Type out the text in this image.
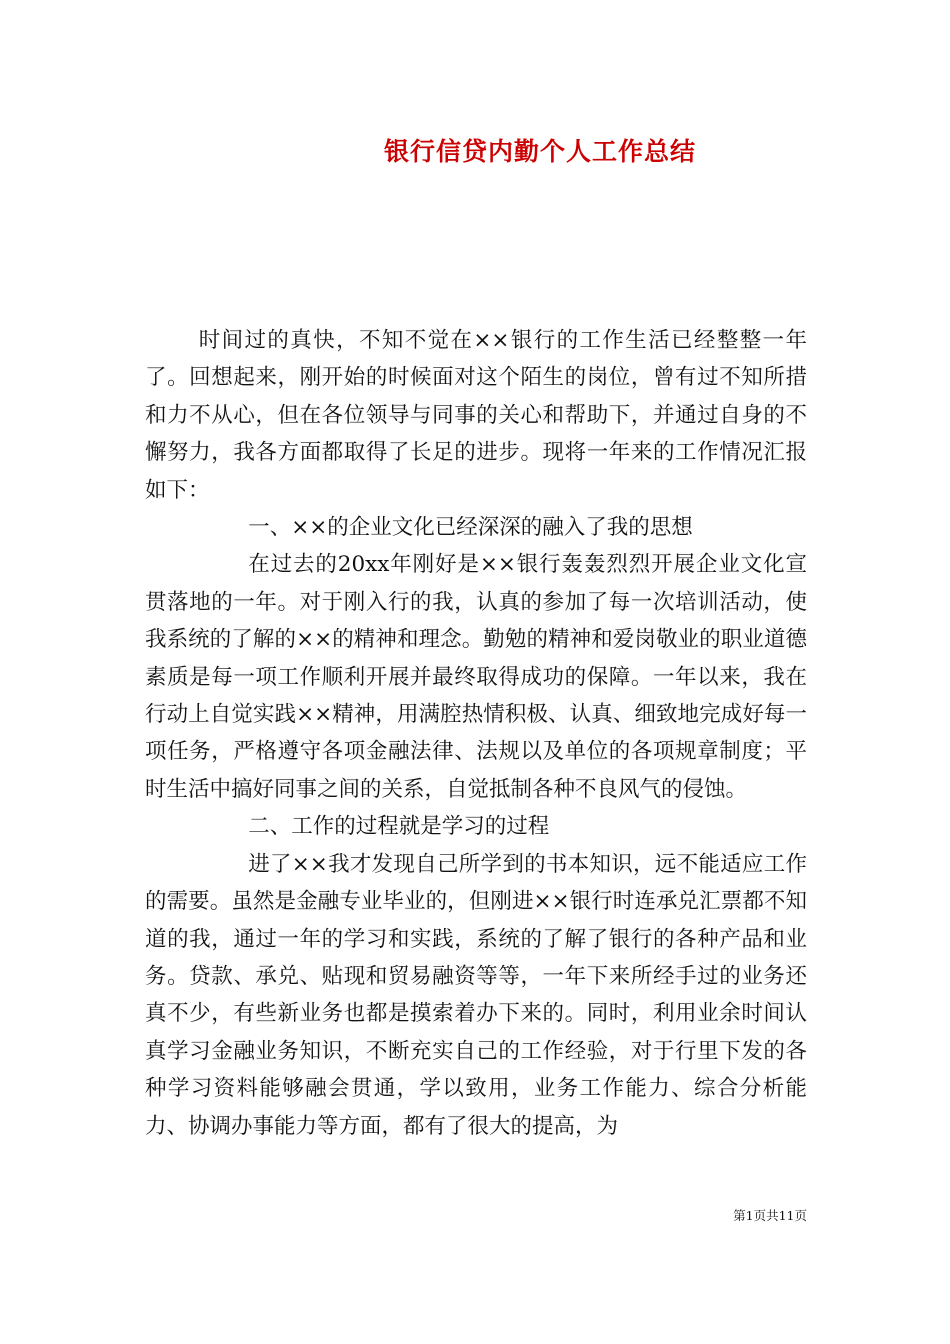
银行信贷内勤个人工作总结

时间过的真快，不知不觉在××银行的工作生活已经整整一年了。回想起来，刚开始的时候面对这个陌生的岗位，曾有过不知所措和力不从心，但在各位领导与同事的关心和帮助下，并通过自身的不懈努力，我各方面都取得了长足的进步。现将一年来的工作情况汇报如下：

一、××的企业文化已经深深的融入了我的思想

在过去的20xx年刚好是××银行轰轰烈烈开展企业文化宣贯落地的一年。对于刚入行的我，认真的参加了每一次培训活动，使我系统的了解的××的精神和理念。勤勉的精神和爱岗敬业的职业道德素质是每一项工作顺利开展并最终取得成功的保障。一年以来，我在行动上自觉实践××精神，用满腔热情积极、认真、细致地完成好每一项任务，严格遵守各项金融法律、法规以及单位的各项规章制度；平时生活中搞好同事之间的关系，自觉抵制各种不良风气的侵蚀。

二、工作的过程就是学习的过程

进了××我才发现自己所学到的书本知识，远不能适应工作的需要。虽然是金融专业毕业的，但刚进××银行时连承兑汇票都不知道的我，通过一年的学习和实践，系统的了解了银行的各种产品和业务。贷款、承兑、贴现和贸易融资等等，一年下来所经手过的业务还真不少，有些新业务也都是摸索着办下来的。同时，利用业余时间认真学习金融业务知识，不断充实自己的工作经验，对于行里下发的各种学习资料能够融会贯通，学以致用，业务工作能力、综合分析能力、协调办事能力等方面，都有了很大的提高，为

第1页共11页
